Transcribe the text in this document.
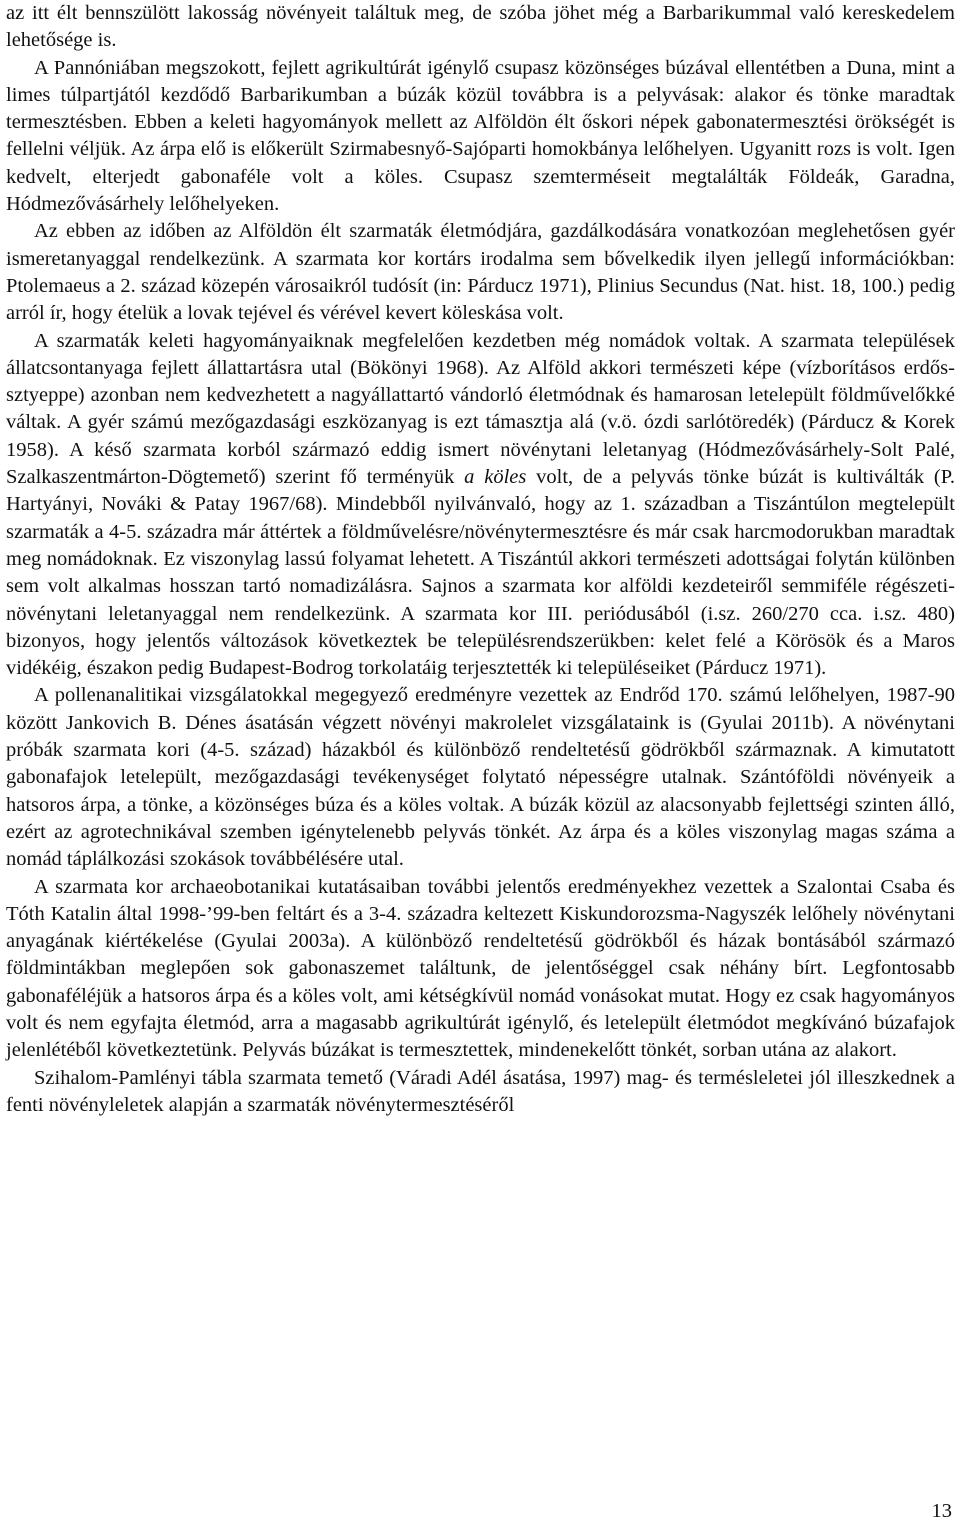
az itt élt bennszülött lakosság növényeit találtuk meg, de szóba jöhet még a Barbarikummal való kereskedelem lehetősége is.

A Pannóniában megszokott, fejlett agrikultúrát igénylő csupasz közönséges búzával ellentétben a Duna, mint a limes túlpartjától kezdődő Barbarikumban a búzák közül továbbra is a pelyvásak: alakor és tönke maradtak termesztésben. Ebben a keleti hagyományok mellett az Alföldön élt őskori népek gabonatermesztési örökségét is fellelni véljük. Az árpa elő is előkerült Szirmabesnyő-Sajóparti homokbánya lelőhelyen. Ugyanitt rozs is volt. Igen kedvelt, elterjedt gabonaféle volt a köles. Csupasz szemterméseit megtalálták Földeák, Garadna, Hódmezővásárhely lelőhelyeken.

Az ebben az időben az Alföldön élt szarmaták életmódjára, gazdálkodására vonatkozóan meglehetősen gyér ismeretanyaggal rendelkezünk. A szarmata kor kortárs irodalma sem bővelkedik ilyen jellegű információkban: Ptolemaeus a 2. század közepén városaikról tudósít (in: Párducz 1971), Plinius Secundus (Nat. hist. 18, 100.) pedig arról ír, hogy ételük a lovak tejével és vérével kevert köleskása volt.

A szarmaták keleti hagyományaiknak megfelelően kezdetben még nomádok voltak. A szarmata települések állatcsontanyaga fejlett állattartásra utal (Bökönyi 1968). Az Alföld akkori természeti képe (vízborításos erdős-sztyeppe) azonban nem kedvezhetett a nagyállattartó vándorló életmódnak és hamarosan letelepült földművelőkké váltak. A gyér számú mezőgazdasági eszközanyag is ezt támasztja alá (v.ö. ózdi sarlótöredék) (Párducz & Korek 1958). A késő szarmata korból származó eddig ismert növénytani leletanyag (Hódmezővásárhely-Solt Palé, Szalkaszentmárton-Dögtemető) szerint fő terményük a köles volt, de a pelyvás tönke búzát is kultiválták (P. Hartyányi, Nováki & Patay 1967/68). Mindebből nyilvánvaló, hogy az 1. században a Tiszántúlon megtelepült szarmaták a 4-5. századra már áttértek a földművelésre/növénytermesztésre és már csak harcmodorukban maradtak meg nomádoknak. Ez viszonylag lassú folyamat lehetett. A Tiszántúl akkori természeti adottságai folytán különben sem volt alkalmas hosszan tartó nomadizálásra. Sajnos a szarmata kor alföldi kezdeteiről semmiféle régészeti-növénytani leletanyaggal nem rendelkezünk. A szarmata kor III. periódusából (i.sz. 260/270 cca. i.sz. 480) bizonyos, hogy jelentős változások következtek be településrendszerükben: kelet felé a Körösök és a Maros vidékéig, északon pedig Budapest-Bodrog torkolatáig terjesztették ki településeiket (Párducz 1971).

A pollenanalitikai vizsgálatokkal megegyező eredményre vezettek az Endrőd 170. számú lelőhelyen, 1987-90 között Jankovich B. Dénes ásatásán végzett növényi makrolelet vizsgálataink is (Gyulai 2011b). A növénytani próbák szarmata kori (4-5. század) házakból és különböző rendeltetésű gödrökből származnak. A kimutatott gabonafajok letelepült, mezőgazdasági tevékenységet folytató népességre utalnak. Szántóföldi növényeik a hatsoros árpa, a tönke, a közönséges búza és a köles voltak. A búzák közül az alacsonyabb fejlettségi szinten álló, ezért az agrotechnikával szemben igénytelenebb pelyvás tönkét. Az árpa és a köles viszonylag magas száma a nomád táplálkozási szokások továbbélésére utal.

A szarmata kor archaeobotanikai kutatásaiban további jelentős eredményekhez vezettek a Szalontai Csaba és Tóth Katalin által 1998-’99-ben feltárt és a 3-4. századra keltezett Kiskundorozsma-Nagyszék lelőhely növénytani anyagának kiértékelése (Gyulai 2003a). A különböző rendeltetésű gödrökből és házak bontásából származó földmintákban meglepően sok gabonaszemet találtunk, de jelentőséggel csak néhány bírt. Legfontosabb gabonaféléjük a hatsoros árpa és a köles volt, ami kétségkívül nomád vonásokat mutat. Hogy ez csak hagyományos volt és nem egyfajta életmód, arra a magasabb agrikultúrát igénylő, és letelepült életmódot megkívánó búzafajok jelenlétéből következtetünk. Pelyvás búzákat is termesztettek, mindenekelőtt tönkét, sorban utána az alakort.

Szihalom-Pamlényi tábla szarmata temető (Váradi Adél ásatása, 1997) mag- és termésleletei jól illeszkednek a fenti növényleletek alapján a szarmaták növénytermesztéséről

13
